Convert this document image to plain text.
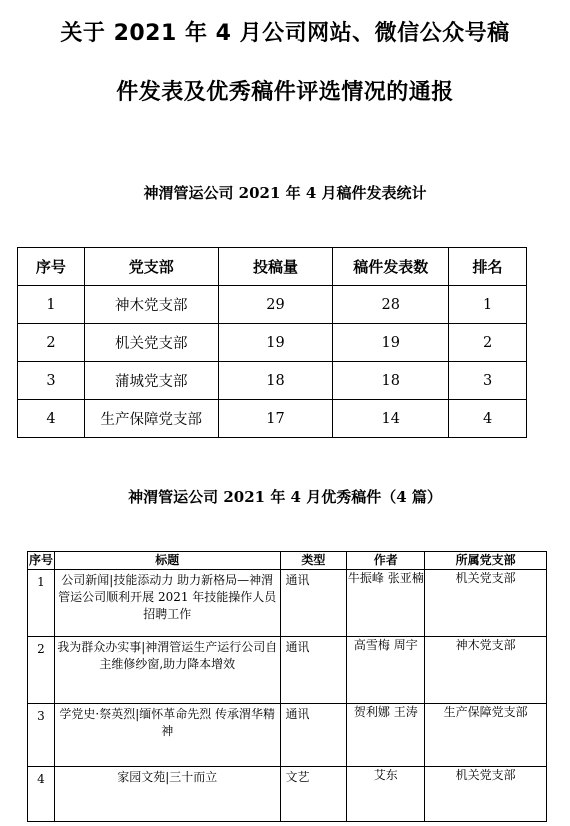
关于 2021 年 4 月公司网站、微信公众号稿
件发表及优秀稿件评选情况的通报
神渭管运公司 2021 年 4 月稿件发表统计
序号	党支部	投稿量	稿件发表数	排名
1	神木党支部	29	28	1
2	机关党支部	19	19	2
3	蒲城党支部	18	18	3
4	生产保障党支部	17	14	4
神渭管运公司 2021 年 4 月优秀稿件（4 篇）
序号	标题	类型	作者	所属党支部
1	公司新闻|技能添动力 助力新格局—神渭管运公司顺利开展 2021 年技能操作人员招聘工作	通讯	牛振峰 张亚楠	机关党支部
2	我为群众办实事|神渭管运生产运行公司自主维修纱窗,助力降本增效	通讯	高雪梅 周宇	神木党支部
3	学党史·祭英烈|缅怀革命先烈 传承渭华精神	通讯	贺利娜 王涛	生产保障党支部
4	家园文苑|三十而立	文艺	艾东	机关党支部
